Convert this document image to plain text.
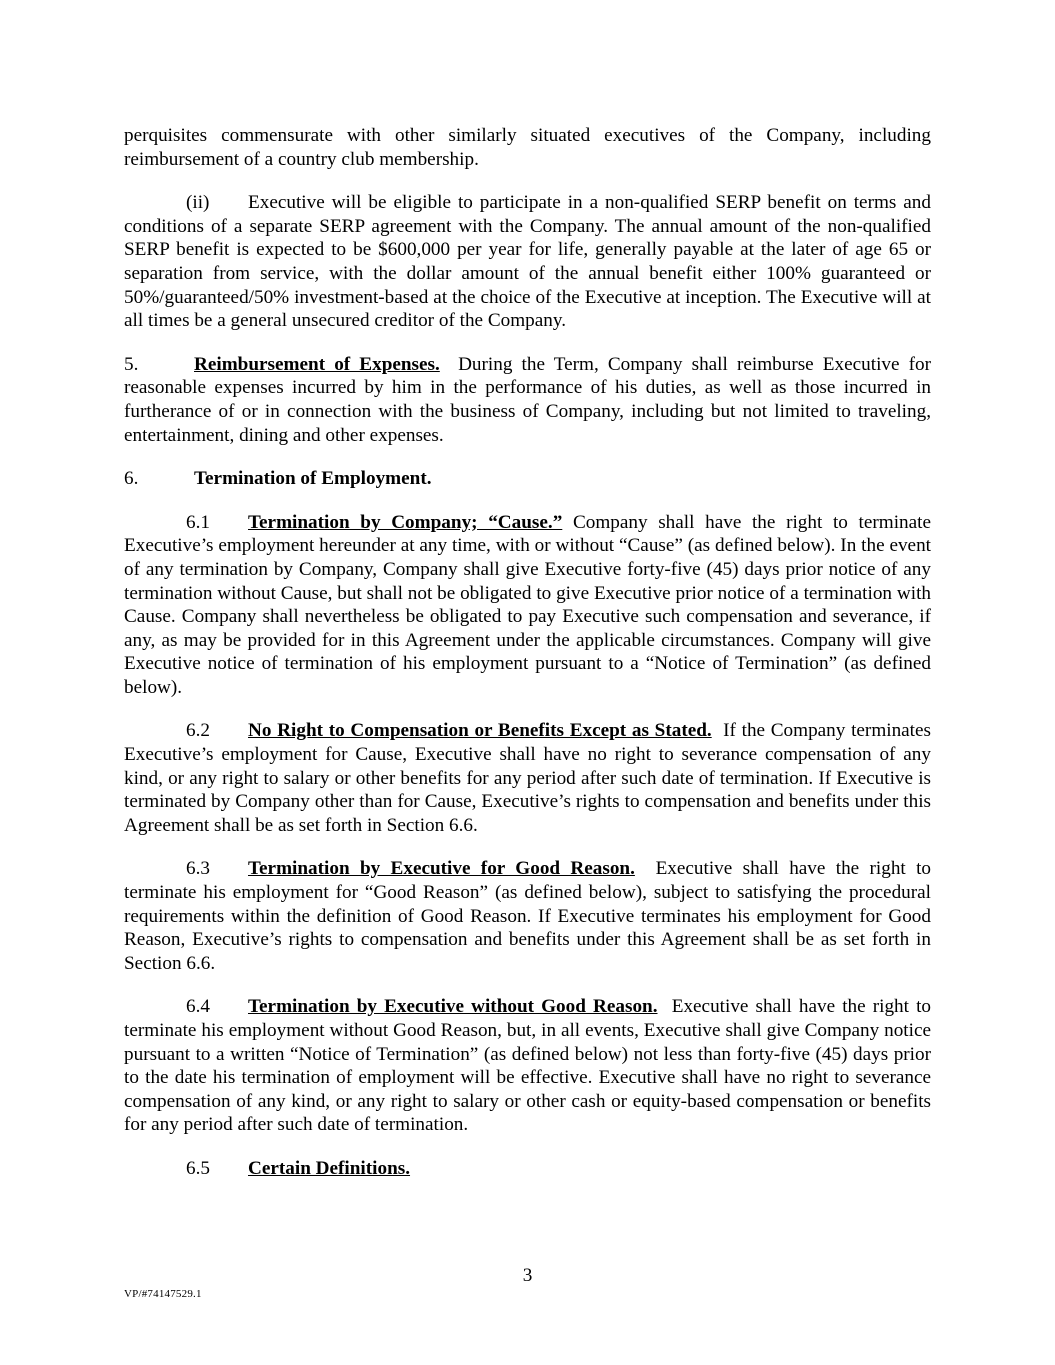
perquisites commensurate with other similarly situated executives of the Company, including reimbursement of a country club membership.

(ii) Executive will be eligible to participate in a non-qualified SERP benefit on terms and conditions of a separate SERP agreement with the Company. The annual amount of the non-qualified SERP benefit is expected to be $600,000 per year for life, generally payable at the later of age 65 or separation from service, with the dollar amount of the annual benefit either 100% guaranteed or 50%/guaranteed/50% investment-based at the choice of the Executive at inception. The Executive will at all times be a general unsecured creditor of the Company.

5.	Reimbursement of Expenses. During the Term, Company shall reimburse Executive for reasonable expenses incurred by him in the performance of his duties, as well as those incurred in furtherance of or in connection with the business of Company, including but not limited to traveling, entertainment, dining and other expenses.

6.	Termination of Employment.

6.1 Termination by Company; “Cause.” Company shall have the right to terminate Executive’s employment hereunder at any time, with or without “Cause” (as defined below). In the event of any termination by Company, Company shall give Executive forty-five (45) days prior notice of any termination without Cause, but shall not be obligated to give Executive prior notice of a termination with Cause. Company shall nevertheless be obligated to pay Executive such compensation and severance, if any, as may be provided for in this Agreement under the applicable circumstances. Company will give Executive notice of termination of his employment pursuant to a “Notice of Termination” (as defined below).

6.2 No Right to Compensation or Benefits Except as Stated. If the Company terminates Executive’s employment for Cause, Executive shall have no right to severance compensation of any kind, or any right to salary or other benefits for any period after such date of termination. If Executive is terminated by Company other than for Cause, Executive’s rights to compensation and benefits under this Agreement shall be as set forth in Section 6.6.

6.3 Termination by Executive for Good Reason. Executive shall have the right to terminate his employment for “Good Reason” (as defined below), subject to satisfying the procedural requirements within the definition of Good Reason. If Executive terminates his employment for Good Reason, Executive’s rights to compensation and benefits under this Agreement shall be as set forth in Section 6.6.

6.4 Termination by Executive without Good Reason. Executive shall have the right to terminate his employment without Good Reason, but, in all events, Executive shall give Company notice pursuant to a written “Notice of Termination” (as defined below) not less than forty-five (45) days prior to the date his termination of employment will be effective. Executive shall have no right to severance compensation of any kind, or any right to salary or other cash or equity-based compensation or benefits for any period after such date of termination.

6.5 Certain Definitions.

3
VP/#74147529.1
